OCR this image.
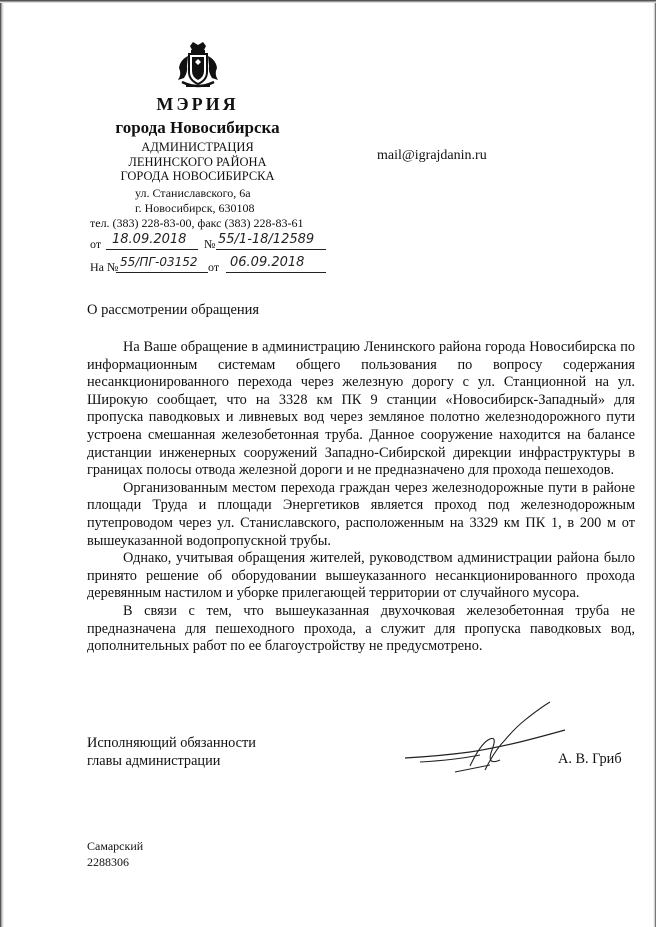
МЭРИЯ
города Новосибирска
АДМИНИСТРАЦИЯ
ЛЕНИНСКОГО РАЙОНА
ГОРОДА НОВОСИБИРСКА
ул. Станиславского, 6а
г. Новосибирск, 630108
тел. (383) 228-83-00, факс (383) 228-83-61
mail@igrajdanin.ru
от 18.09.2018 № 55/1-18/12589
На № 55/ПГ-03152 от 06.09.2018
О рассмотрении обращения

На Ваше обращение в администрацию Ленинского района города Новосибирска по информационным системам общего пользования по вопросу содержания несанкционированного перехода через железную дорогу с ул. Станционной на ул. Широкую сообщает, что на 3328 км ПК 9 станции «Новосибирск-Западный» для пропуска паводковых и ливневых вод через земляное полотно железнодорожного пути устроена смешанная железобетонная труба. Данное сооружение находится на балансе дистанции инженерных сооружений Западно-Сибирской дирекции инфраструктуры в границах полосы отвода железной дороги и не предназначено для прохода пешеходов.

Организованным местом перехода граждан через железнодорожные пути в районе площади Труда и площади Энергетиков является проход под железнодорожным путепроводом через ул. Станиславского, расположенным на 3329 км ПК 1, в 200 м от вышеуказанной водопропускной трубы.

Однако, учитывая обращения жителей, руководством администрации района было принято решение об оборудовании вышеуказанного несанкционированного прохода деревянным настилом и уборке прилегающей территории от случайного мусора.

В связи с тем, что вышеуказанная двухочковая железобетонная труба не предназначена для пешеходного прохода, а служит для пропуска паводковых вод, дополнительных работ по ее благоустройству не предусмотрено.

Исполняющий обязанности
главы администрации	А. В. Гриб
Самарский
2288306
